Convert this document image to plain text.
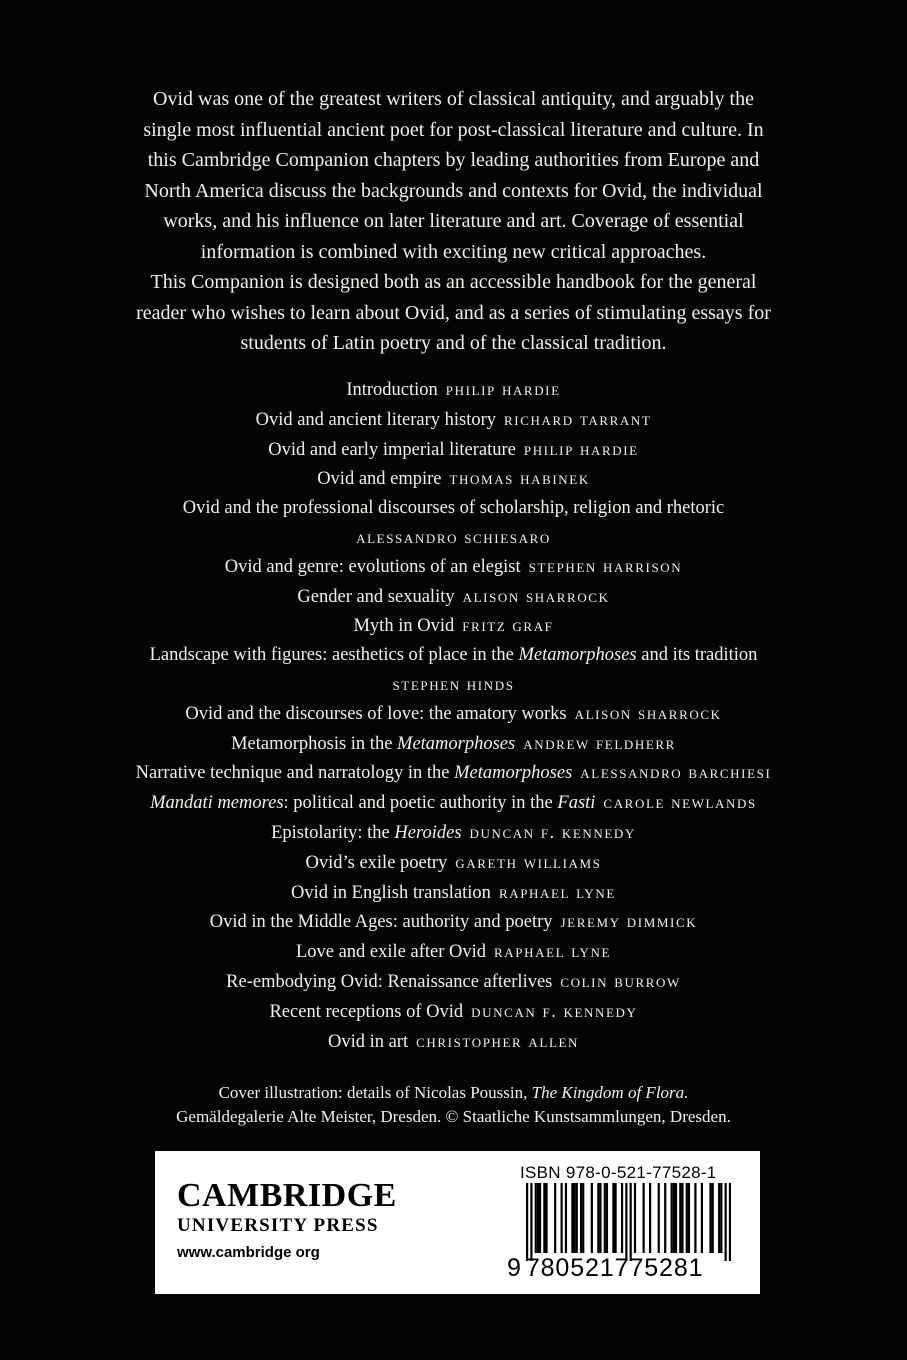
Ovid was one of the greatest writers of classical antiquity, and arguably the

single most influential ancient poet for post-classical literature and culture. In

this Cambridge Companion chapters by leading authorities from Europe and

North America discuss the backgrounds and contexts for Ovid, the individual

works, and his influence on later literature and art. Coverage of essential

information is combined with exciting new critical approaches.

This Companion is designed both as an accessible handbook for the general

reader who wishes to learn about Ovid, and as a series of stimulating essays for

students of Latin poetry and of the classical tradition.

Introduction philip hardie

Ovid and ancient literary history richard tarrant

Ovid and early imperial literature philip hardie

Ovid and empire thomas habinek

Ovid and the professional discourses of scholarship, religion and rhetoric
alessandro schiesaro

Ovid and genre: evolutions of an elegist stephen harrison

Gender and sexuality alison sharrock

Myth in Ovid fritz graf

Landscape with figures: aesthetics of place in the Metamorphoses and its tradition
stephen hinds

Ovid and the discourses of love: the amatory works alison sharrock

Metamorphosis in the Metamorphoses andrew feldherr

Narrative technique and narratology in the Metamorphoses alessandro barchiesi

Mandati memores: political and poetic authority in the Fasti carole newlands

Epistolarity: the Heroides duncan f. kennedy

Ovid’s exile poetry gareth williams

Ovid in English translation raphael lyne

Ovid in the Middle Ages: authority and poetry jeremy dimmick

Love and exile after Ovid raphael lyne

Re-embodying Ovid: Renaissance afterlives colin burrow

Recent receptions of Ovid duncan f. kennedy

Ovid in art christopher allen

Cover illustration: details of Nicolas Poussin, The Kingdom of Flora.

Gemäldegalerie Alte Meister, Dresden. © Staatliche Kunstsammlungen, Dresden.

CAMBRIDGE
UNIVERSITY PRESS
www.cambridge org
ISBN 978-0-521-77528-1
9 780521775281
